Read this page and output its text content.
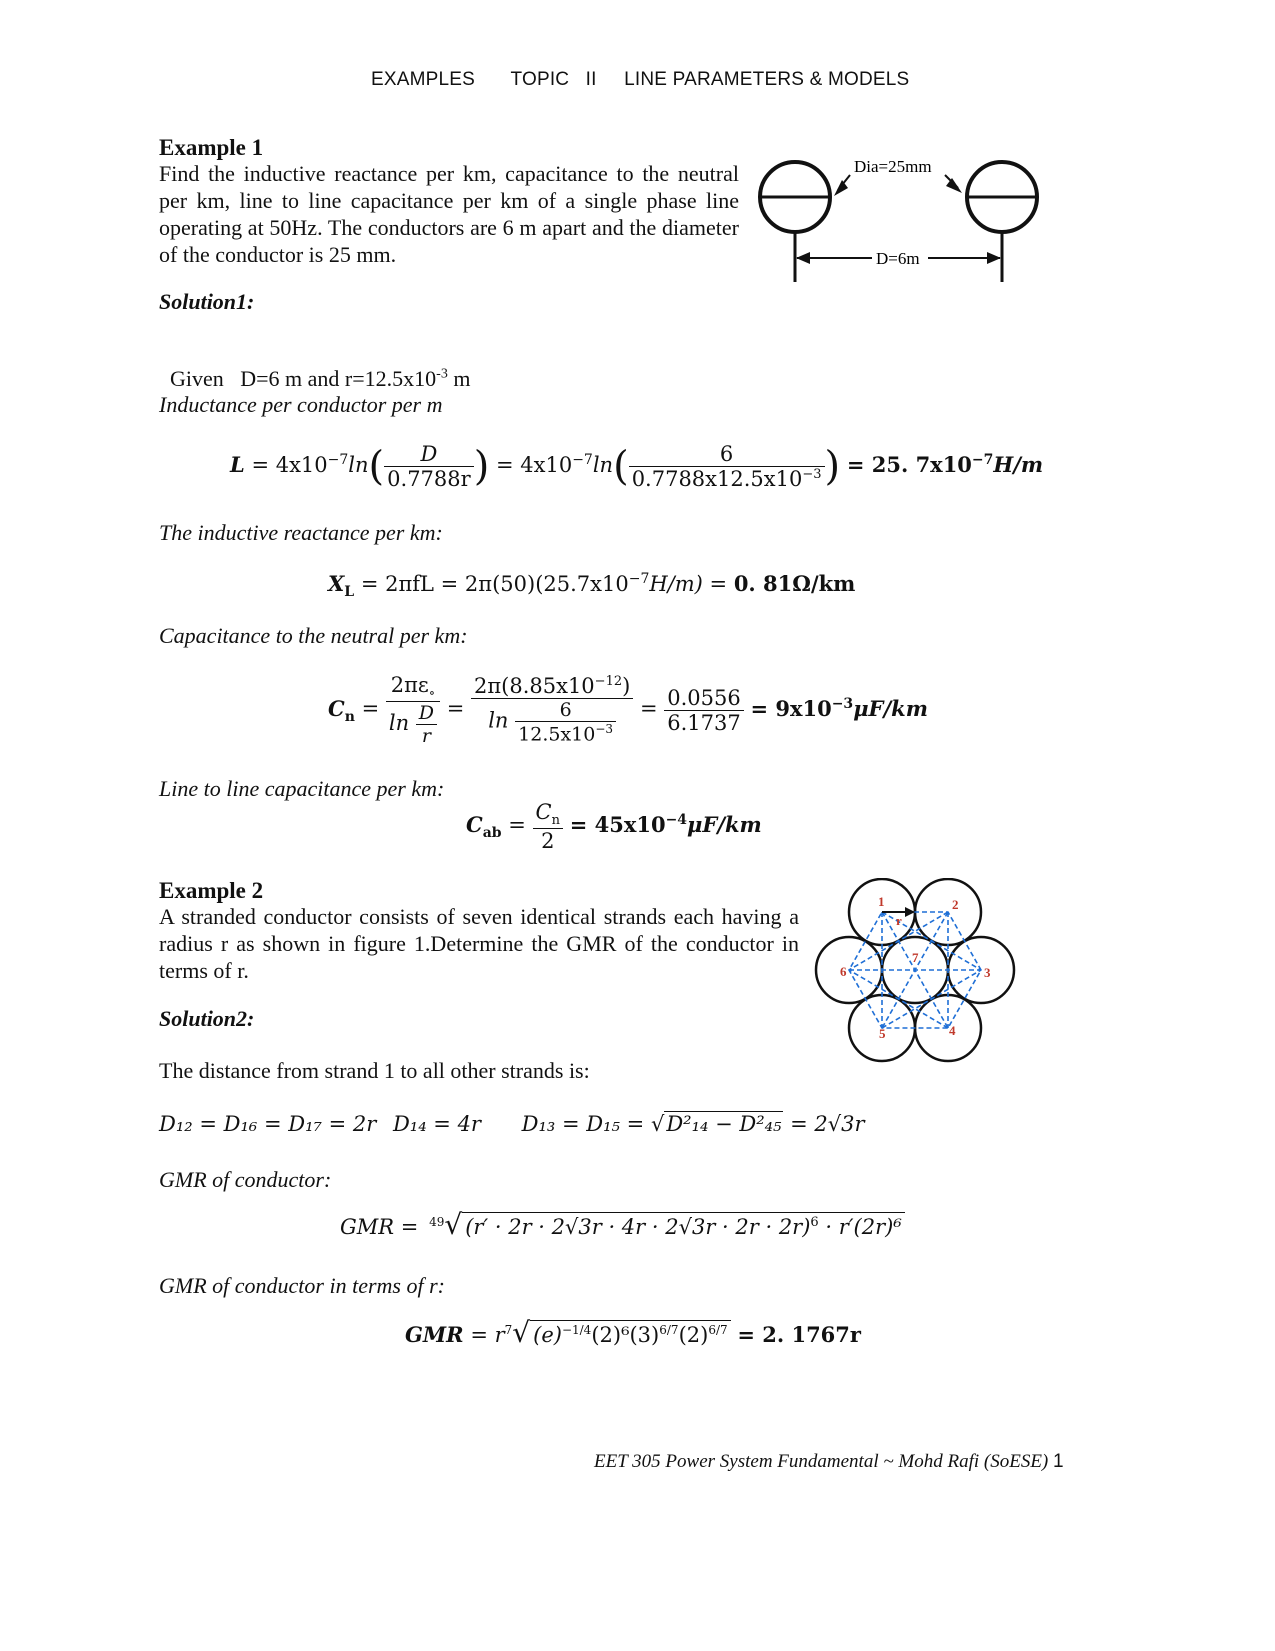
EXAMPLES TOPIC   II LINE PARAMETERS & MODELS
Example 1
Find the inductive reactance per km, capacitance to the neutral per km, line to line capacitance per km of a single phase line operating at 50Hz. The conductors are 6 m apart and the diameter of the conductor is 25 mm.
Dia=25mm
D=6m
Solution1:

Given   D=6 m and $r=12.5x10^{-3}$ m

Inductance per conductor per m
$L = 4x10^{-7}\ln( \frac{D}{0.7788r}$ ) = $4x10^{-7}\ln( \frac{6}{0.7788x12.5x10^{-3}}$ ) = 25. $7x10^{-7}H/m$
The inductive reactance per km:
$X_L = 2\pi fL = 2\pi(50)(25.7x10^{-7}H/m) = 0$. 81Ω/km
Capacitance to the neutral per km:
$C_n = \frac{2\pi\varepsilon_\circ}{\ln \frac{D}{r}} = \frac{2\pi(8.85x10^{-12})}{\ln \frac{6}{12.5x10^{-3}}} = \frac{0.0556}{6.1737} = 9x10^{-3}\mu F/km$
Line to line capacitance per km:
$C_{ab} = \frac{C_n}{2} = 45x10^{-4}\mu F/km$
Example 2
A stranded conductor consists of seven identical strands each having a radius r as shown in figure 1.Determine the GMR of the conductor in terms of r.
1	2
3
4
5
6
7
r
Solution2:
The distance from strand 1 to all other strands is:
D₁₂ = D₁₆ = D₁₇ = 2r D₁₄ = 4r D₁₃ = D₁₅ = √D²₁₄ − D²₄₅ = 2√3r
GMR of conductor:
GMR = $^{49}$√ $(r' \cdot 2r \cdot 2√3r \cdot 4r \cdot 2√3r \cdot 2r \cdot 2r)^6 \cdot r'(2r)^6$
GMR of conductor in terms of r:
GMR = $r^7√$ $(e)^{-1/4}(2)^6(3)^{6/7}(2)^{6/7} = 2$. 1767r
EET 305 Power System Fundamental ~ Mohd Rafi (SoESE) 1
